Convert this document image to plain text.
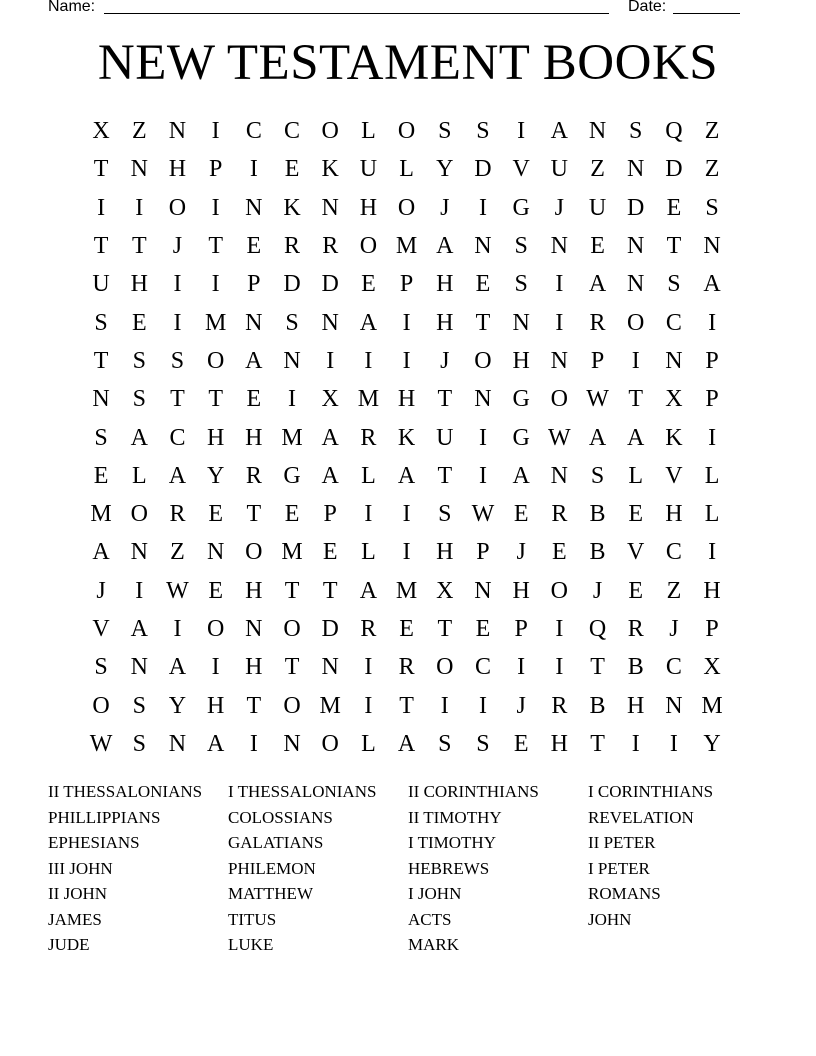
Name:	Date:
NEW TESTAMENT BOOKS
X Z N	I	C C O L O S	S	I	A N S Q Z
T N H P	I	E K U L Y D V U Z N D Z
I	I	O	I	N K N H O	J	I	G	J	U D E	S
T T	J	T E R R O M A N S N E N T N
U H	I	I	P D D E	P H E	S	I	A N S A
S	E	I M N S N A	I	H T N	I	R O C	I
T	S	S O A N	I	I	I	J	O H N P	I	N P
N S	T T E	I	X M H T N G O W T X P
S A C H H M A R K U	I	G W A A K	I
E L A Y R G A L A T	I	A N S	L V L
M O R E T E	P	I	I	S W E R B E H L
A N Z N O M E L	I	H P	J	E B V C	I
J	I W E H T T A M X N H O	J	E Z H
V A	I	O N O D R E T E	P	I	Q R	J	P
S N A	I	H T N	I	R O C	I	I	T B C X
O S Y H T O M I	T	I	I	J	R B H N M
W S N A	I	N O L A S	S	E H T	I	I	Y
II THESSALONIANS	I THESSALONIANS	II CORINTHIANS	I CORINTHIANS
PHILLIPPIANS	COLOSSIANS	II TIMOTHY	REVELATION
EPHESIANS	GALATIANS	I TIMOTHY	II PETER
III JOHN	PHILEMON	HEBREWS	I PETER
II JOHN	MATTHEW	I JOHN	ROMANS
JAMES	TITUS	ACTS	JOHN
JUDE	LUKE	MARK
